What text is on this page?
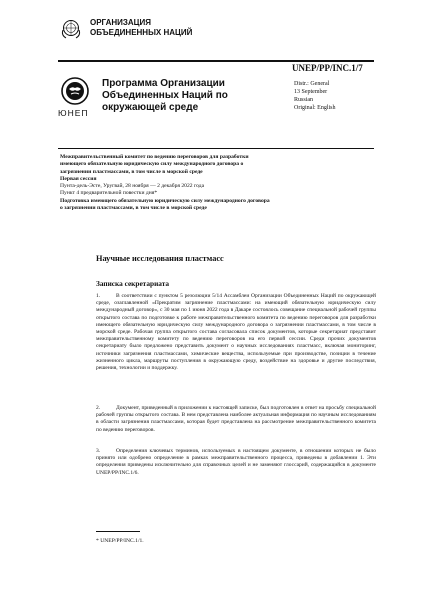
ОРГАНИЗАЦИЯ
ОБЪЕДИНЕННЫХ НАЦИЙ
UNEP/PP/INC.1/7
ЮНЕП
Программа Организации Объединенных Наций по окружающей среде
Distr.: General
13 September
Russian
Original: English
Межправительственный комитет по ведению переговоров для разработки имеющего обязательную юридическую силу международного договора о загрязнении пластмассами, в том числе в морской среде
Первая сессия
Пунта-дель-Эсте, Уругвай, 28 ноября — 2 декабря 2022 года
Пункт 4 предварительной повестки дня*
Подготовка имеющего обязательную юридическую силу международного договора о загрязнении пластмассами, в том числе в морской среде
Научные исследования пластмасс
Записка секретариата
1.	В соответствии с пунктом 5 резолюции 5/14 Ассамблеи Организации Объединенных Наций по окружающей среде, озаглавленной «Прекратим загрязнение пластмассами: на имеющий обязательную юридическую силу международный договор», с 30 мая по 1 июня 2022 года в Дакаре состоялось совещание специальной рабочей группы открытого состава по подготовке к работе межправительственного комитета по ведению переговоров для разработки имеющего обязательную юридическую силу международного договора о загрязнении пластмассами, в том числе в морской среде. Рабочая группа открытого состава согласовала список документов, которые секретариат представит межправительственному комитету по ведению переговоров на его первой сессии. Среди прочих документов секретариату было предложено представить документ о научных исследованиях пластмасс, включая мониторинг, источники загрязнения пластмассами, химические вещества, используемые при производстве, позиции в течение жизненного цикла, маршруты поступления в окружающую среду, воздействие на здоровье и другие последствия, решения, технологии и поддержку.
2.	Документ, приведенный в приложении к настоящей записке, был подготовлен в ответ на просьбу специальной рабочей группы открытого состава. В нем представлена наиболее актуальная информация по научным исследованиям в области загрязнения пластмассами, которая будет представлена на рассмотрение межправительственного комитета по ведению переговоров.
3.	Определения ключевых терминов, используемых в настоящем документе, в отношении которых не было принято или одобрено определение в рамках межправительственного процесса, приведены в добавлении 1. Эти определения приведены исключительно для справочных целей и не заменяют глоссарий, содержащийся в документе UNEP/PP/INC.1/6.
* UNEP/PP/INC.1/1.
